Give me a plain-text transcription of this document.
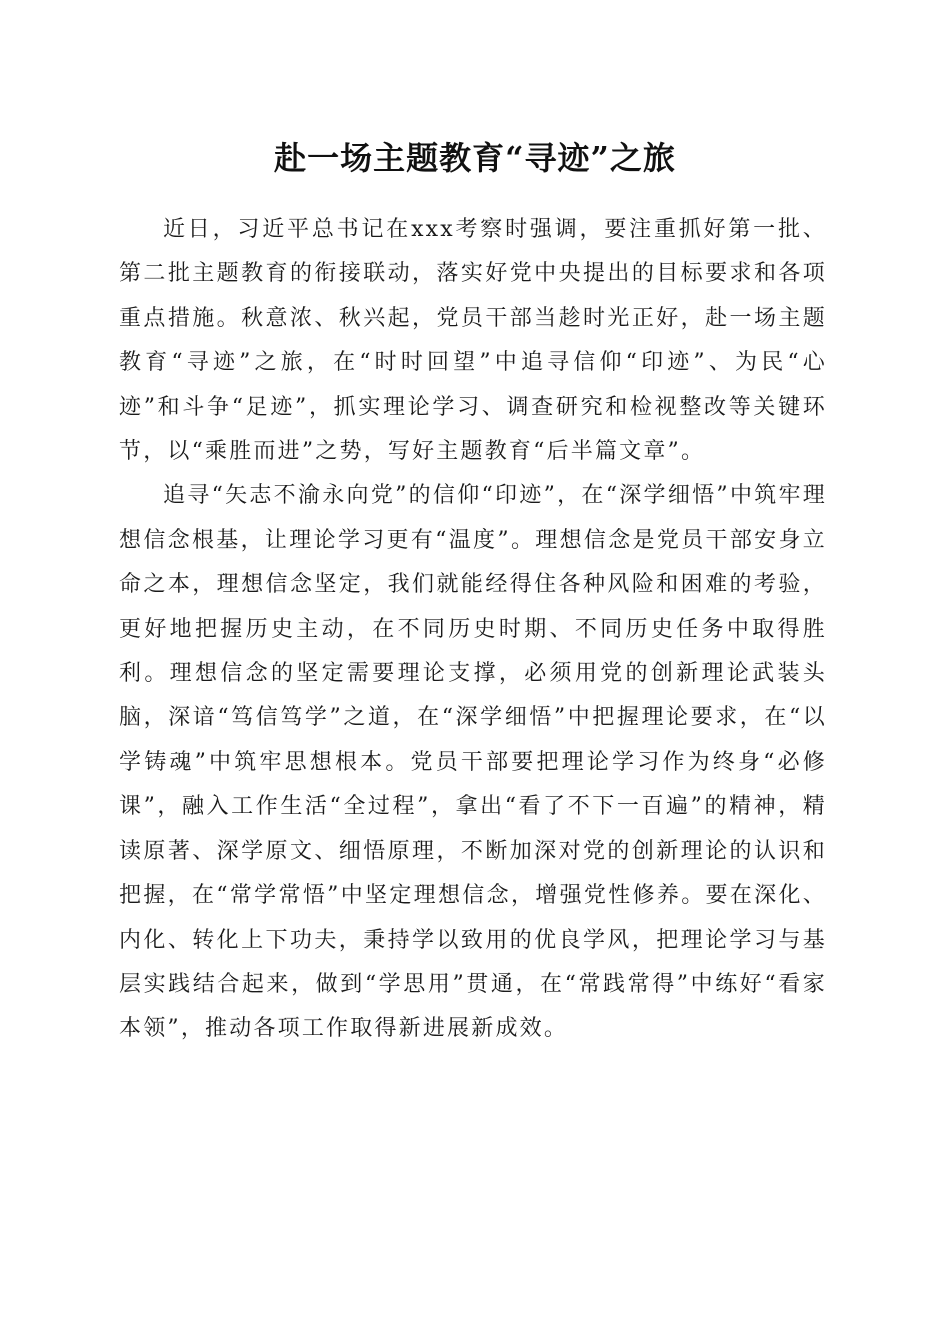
赴一场主题教育“寻迹”之旅

近日，习近平总书记在xxx考察时强调，要注重抓好第一批、第二批主题教育的衔接联动，落实好党中央提出的目标要求和各项重点措施。秋意浓、秋兴起，党员干部当趁时光正好，赴一场主题教育“寻迹”之旅，在“时时回望”中追寻信仰“印迹”、为民“心迹”和斗争“足迹”，抓实理论学习、调查研究和检视整改等关键环节，以“乘胜而进”之势，写好主题教育“后半篇文章”。

追寻“矢志不渝永向党”的信仰“印迹”，在“深学细悟”中筑牢理想信念根基，让理论学习更有“温度”。理想信念是党员干部安身立命之本，理想信念坚定，我们就能经得住各种风险和困难的考验，更好地把握历史主动，在不同历史时期、不同历史任务中取得胜利。理想信念的坚定需要理论支撑，必须用党的创新理论武装头脑，深谙“笃信笃学”之道，在“深学细悟”中把握理论要求，在“以学铸魂”中筑牢思想根本。党员干部要把理论学习作为终身“必修课”，融入工作生活“全过程”，拿出“看了不下一百遍”的精神，精读原著、深学原文、细悟原理，不断加深对党的创新理论的认识和把握，在“常学常悟”中坚定理想信念，增强党性修养。要在深化、内化、转化上下功夫，秉持学以致用的优良学风，把理论学习与基层实践结合起来，做到“学思用”贯通，在“常践常得”中练好“看家本领”，推动各项工作取得新进展新成效。
